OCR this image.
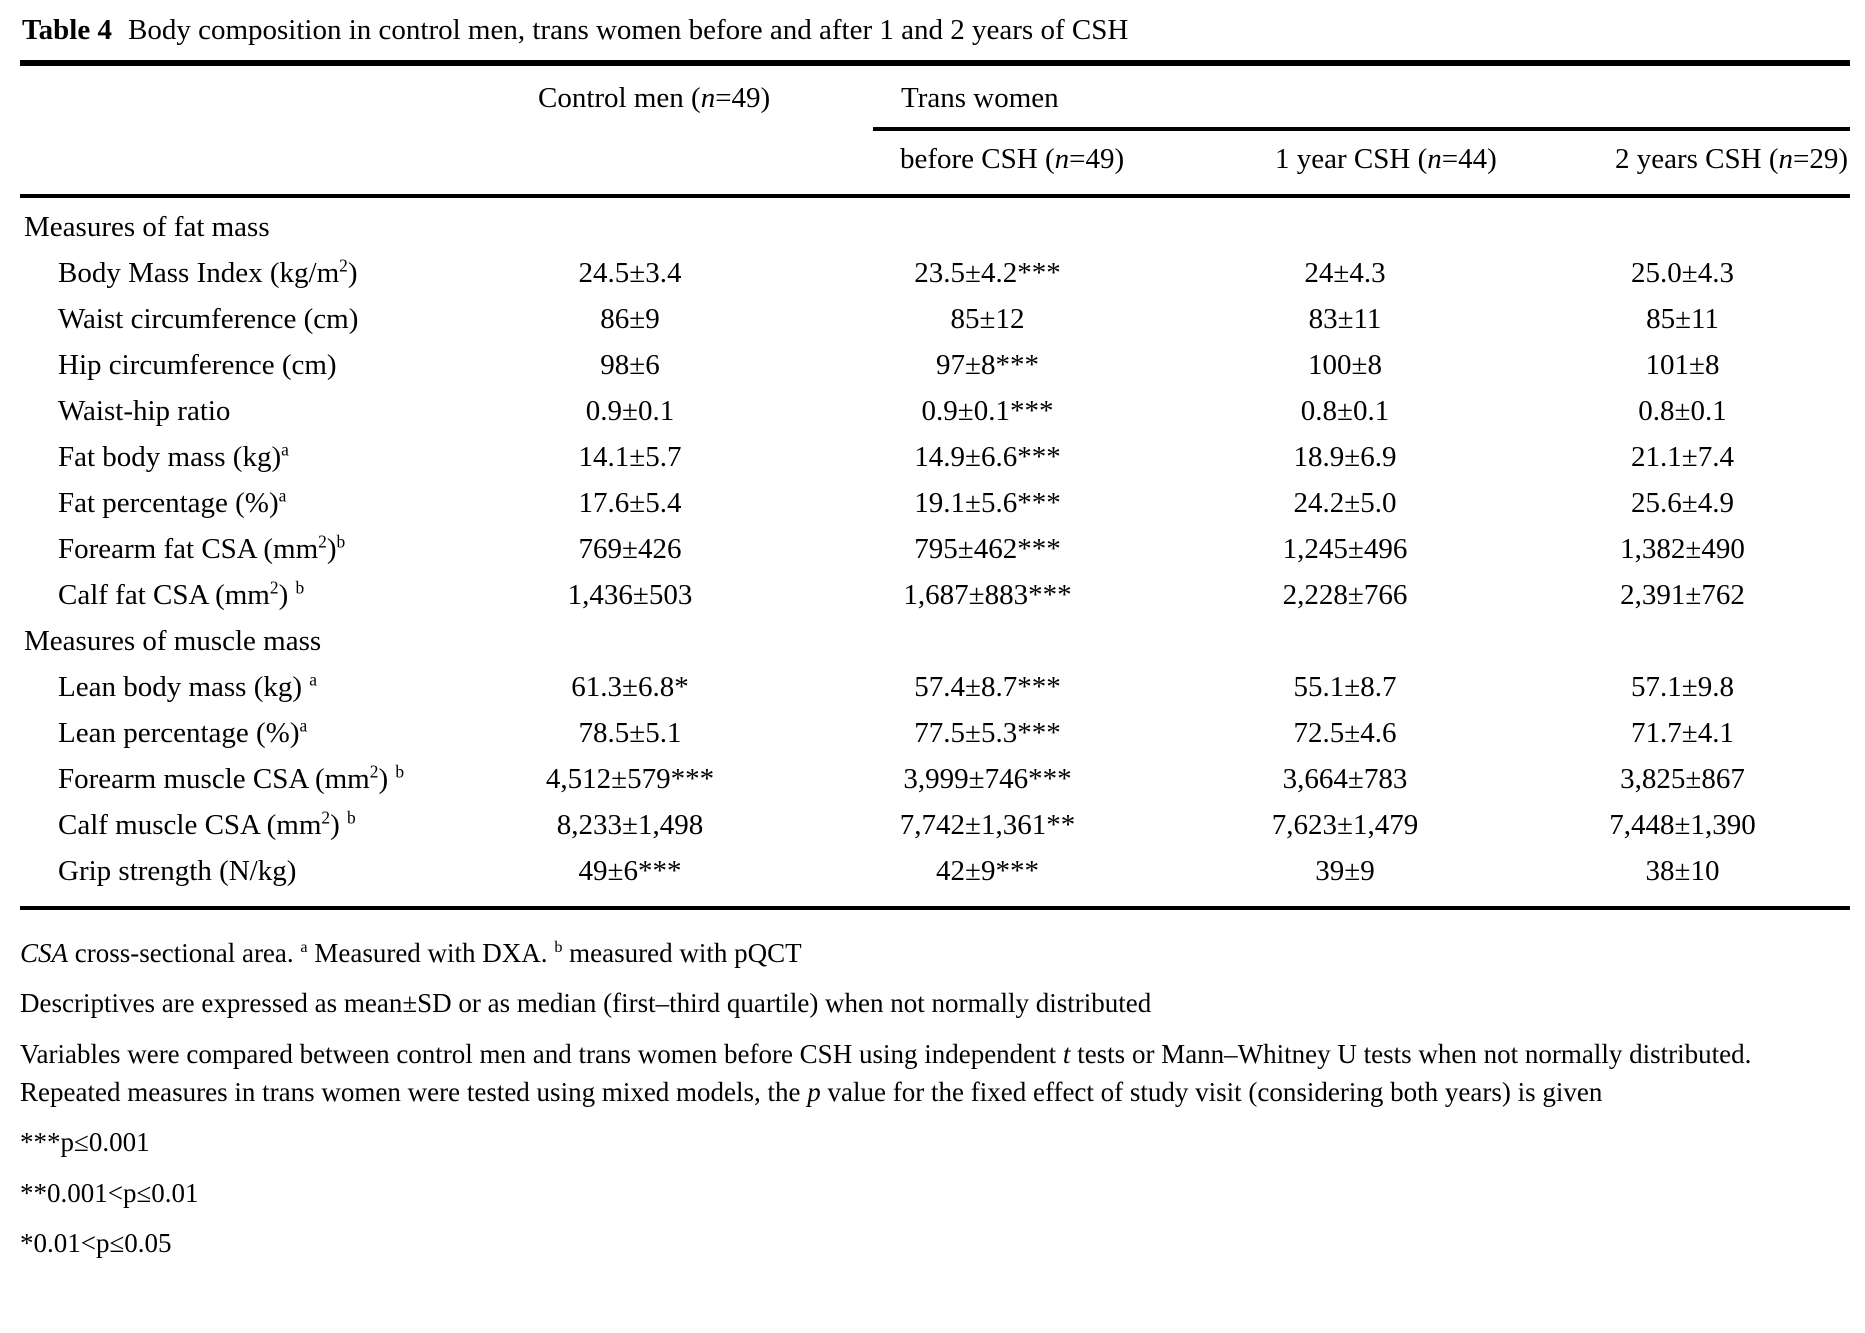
Table 4 Body composition in control men, trans women before and after 1 and 2 years of CSH
	Control men (n=49)	Trans women		

		before CSH (n=49)	1 year CSH (n=44)	2 years CSH (n=29)
Measures of fat mass				
Body Mass Index $(kg/m^2)$	24.5±3.4	23.5±4.2***	24±4.3	25.0±4.3
Waist circumference (cm)	86±9	85±12	83±11	85±11
Hip circumference (cm)	98±6	97±8***	100±8	101±8
Waist-hip ratio	0.9±0.1	0.9±0.1***	0.8±0.1	0.8±0.1
Fat body mass (kg)$^a$	14.1±5.7	14.9±6.6***	18.9±6.9	21.1±7.4
Fat percentage (%)$^a$	17.6±5.4	19.1±5.6***	24.2±5.0	25.6±4.9
Forearm fat CSA $(mm^2)^b$	769±426	795±462***	1,245±496	1,382±490
Calf fat CSA $(mm^2)$ $^b$	1,436±503	1,687±883***	2,228±766	2,391±762
Measures of muscle mass				
Lean body mass (kg) $^a$	61.3±6.8*	57.4±8.7***	55.1±8.7	57.1±9.8
Lean percentage (%)$^a$	78.5±5.1	77.5±5.3***	72.5±4.6	71.7±4.1
Forearm muscle CSA $(mm^2)$ $^b$	4,512±579***	3,999±746***	3,664±783	3,825±867
Calf muscle CSA $(mm^2)$ $^b$	8,233±1,498	7,742±1,361**	7,623±1,479	7,448±1,390
Grip strength (N/kg)	49±6***	42±9***	39±9	38±10
CSA cross-sectional area. $^a$ Measured with DXA. $^b$ measured with pQCT
Descriptives are expressed as mean±SD or as median (first–third quartile) when not normally distributed
Variables were compared between control men and trans women before CSH using independent t tests or Mann–Whitney U tests when not normally distributed. Repeated measures in trans women were tested using mixed models, the p value for the fixed effect of study visit (considering both years) is given
***p≤0.001
**0.001<p≤0.01
*0.01<p≤0.05
